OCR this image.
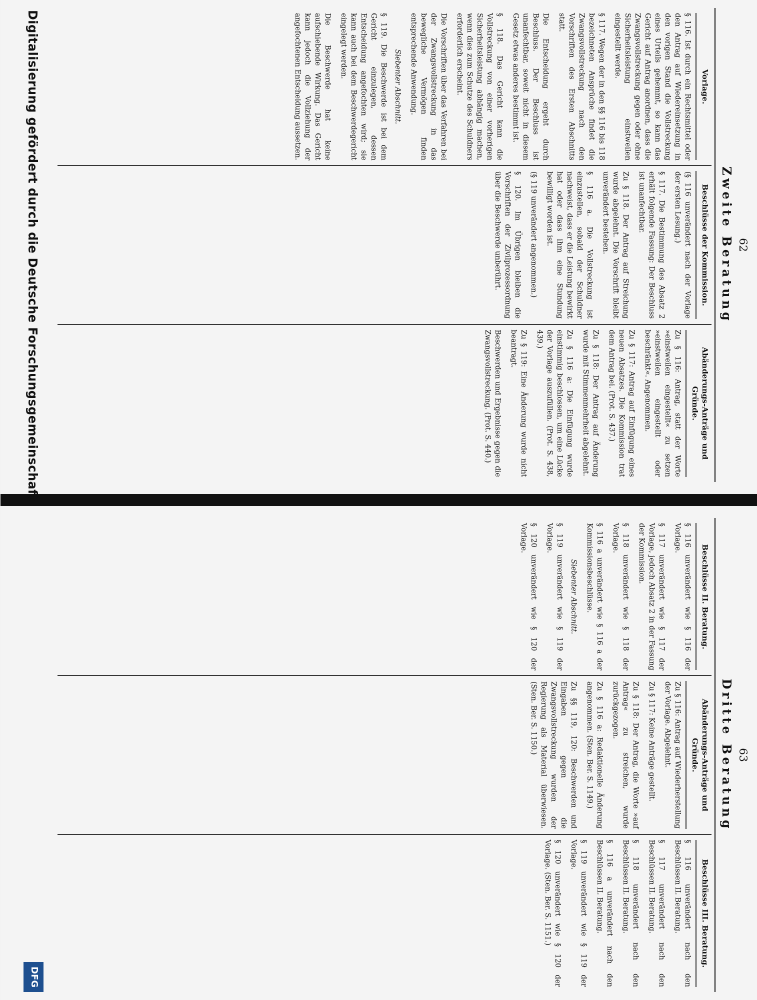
62
Zweite Beratung
Vorlage.

§ 116. Ist durch ein Rechtsmittel oder den Antrag auf Wiedereinsetzung in den vorigen Stand die Vollstreckung eines Urteils gehemmt, so kann das Gericht auf Antrag anordnen, dass die Zwangsvollstreckung gegen oder ohne Sicherheitsleistung einstweilen eingestellt werde.

§ 117. Wegen der in den §§ 116 bis 118 bezeichneten Ansprüche findet die Zwangsvollstreckung nach den Vorschriften des Ersten Abschnitts statt.

Die Entscheidung ergeht durch Beschluss. Der Beschluss ist unanfechtbar, soweit nicht in diesem Gesetz etwas anderes bestimmt ist.

§ 118. Das Gericht kann die Vollstreckung von einer vorherigen Sicherheitsleistung abhängig machen, wenn dies zum Schutze des Schuldners erforderlich erscheint.

Die Vorschriften über das Verfahren bei der Zwangsvollstreckung in das bewegliche Vermögen finden entsprechende Anwendung.

Siebenter Abschnitt.

§ 119. Die Beschwerde ist bei dem Gericht einzulegen, dessen Entscheidung angefochten wird; sie kann auch bei dem Beschwerdegericht eingelegt werden.

Die Beschwerde hat keine aufschiebende Wirkung. Das Gericht kann jedoch die Vollziehung der angefochtenen Entscheidung aussetzen.

Beschlüsse der Kommission.

(§ 116 unverändert nach der Vorlage der ersten Lesung.)

§ 117. Die Bestimmung des Absatz 2 erhält folgende Fassung: Der Beschluss ist unanfechtbar.

Zu § 118. Der Antrag auf Streichung wurde abgelehnt. Die Vorschrift bleibt unverändert bestehen.

§ 116 a. Die Vollstreckung ist einzustellen, sobald der Schuldner nachweist, dass er die Leistung bewirkt hat oder dass ihm eine Stundung bewilligt worden ist.

(§ 119 unverändert angenommen.)

§ 120. Im Übrigen bleiben die Vorschriften der Zivilprozessordnung über die Beschwerde unberührt.

Abänderungs-Anträge und Gründe.

Zu § 116: Antrag, statt der Worte »einstweilen eingestellt« zu setzen »einstweilen eingestellt oder beschränkt«. Angenommen.

Zu § 117: Antrag auf Einfügung eines neuen Absatzes. Die Kommission trat dem Antrag bei. (Prot. S. 437.)

Zu § 118: Der Antrag auf Änderung wurde mit Stimmenmehrheit abgelehnt.

Zu § 116 a: Die Einfügung wurde einstimmig beschlossen, um eine Lücke der Vorlage auszufüllen. (Prot. S. 438, 439.)

Zu § 119: Eine Änderung wurde nicht beantragt.

Beschwerden und Ergebnisse gegen die Zwangsvollstreckung. (Prot. S. 440.)

63
Dritte Beratung
Beschlüsse II. Beratung.

§ 116 unverändert wie § 116 der Vorlage.

§ 117 unverändert wie § 117 der Vorlage, jedoch Absatz 2 in der Fassung der Kommission.

§ 118 unverändert wie § 118 der Vorlage.

§ 116 a unverändert wie § 116 a der Kommissionsbeschlüsse.

Siebenter Abschnitt.

§ 119 unverändert wie § 119 der Vorlage.

§ 120 unverändert wie § 120 der Vorlage.

Abänderungs-Anträge und Gründe.

Zu § 116: Antrag auf Wiederherstellung der Vorlage. Abgelehnt.

Zu § 117: Keine Anträge gestellt.

Zu § 118: Der Antrag, die Worte »auf Antrag« zu streichen, wurde zurückgezogen.

Zu § 116 a: Redaktionelle Änderung angenommen. (Sten. Ber. S. 1149.)

Zu §§ 119, 120: Beschwerden und Eingaben gegen die Zwangsvollstreckung wurden der Regierung als Material überwiesen. (Sten. Ber. S. 1150.)

Beschlüsse III. Beratung.

§ 116 unverändert nach den Beschlüssen II. Beratung.

§ 117 unverändert nach den Beschlüssen II. Beratung.

§ 118 unverändert nach den Beschlüssen II. Beratung.

§ 116 a unverändert nach den Beschlüssen II. Beratung.

§ 119 unverändert wie § 119 der Vorlage.

§ 120 unverändert wie § 120 der Vorlage. (Sten. Ber. S. 1151.)

Digitalisierung gefördert durch die Deutsche Forschungsgemeinschaft
DFG
